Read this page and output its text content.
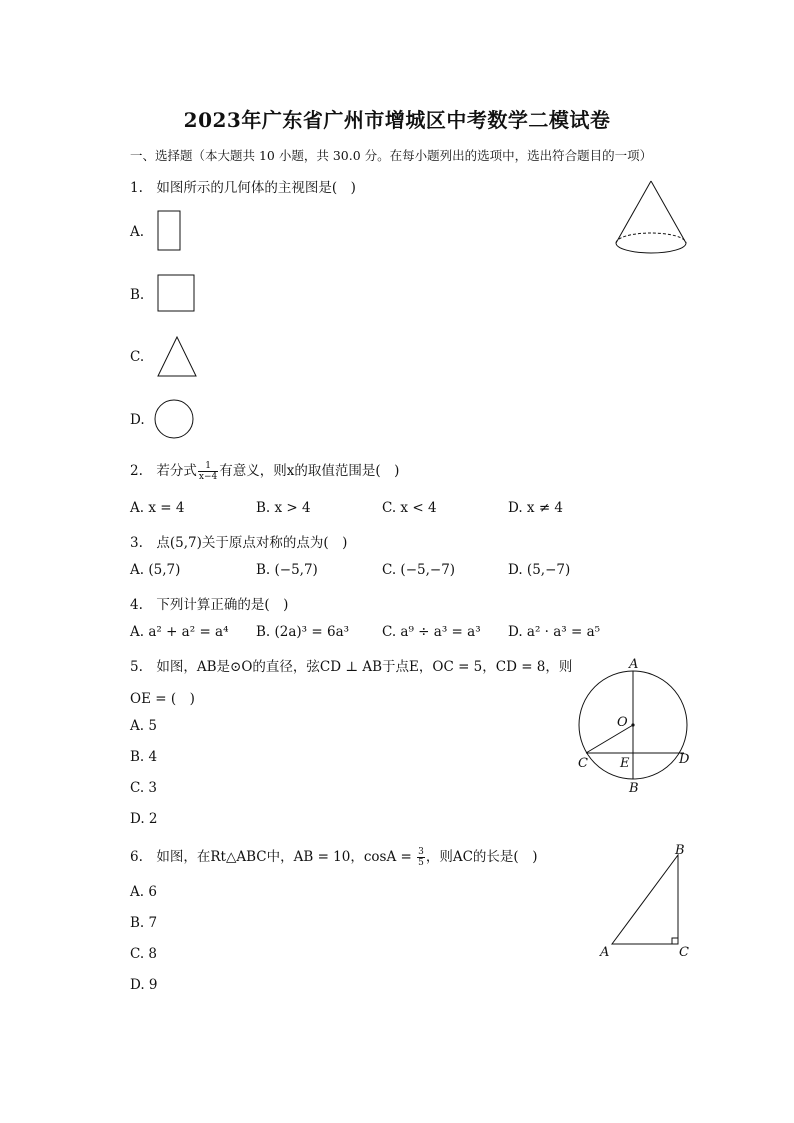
2023年广东省广州市增城区中考数学二模试卷
一、选择题（本大题共 10 小题，共 30.0 分。在每小题列出的选项中，选出符合题目的一项）
1.　如图所示的几何体的主视图是(　)
A.
B.
C.
D.
2.　若分式 $\frac{1}{x-4}$ 有意义，则x的取值范围是(　)
A. x = 4	B. x > 4	C. x < 4	D. x ≠ 4
3.　点(5,7)关于原点对称的点为(　)
A. (5,7)	B. (−5,7)	C. (−5,−7)	D. (5,−7)
4.　下列计算正确的是(　)
A. a² + a² = a⁴ B. (2a)³ = 6a³ C. a⁹ ÷ a³ = a³ D. a² · a³ = a⁵
5.　如图，AB是⊙O的直径，弦CD ⊥ AB于点E，OC = 5，CD = 8，则
OE = (　)
A. 5
B. 4
C. 3
D. 2
A
O
C E	D
B
6.　如图，在Rt△ABC中，AB = 10，$\cos A = \frac{3}{5}$ ，则AC的长是(　)
A. 6
B. 7
C. 8
D. 9
B
A	C
